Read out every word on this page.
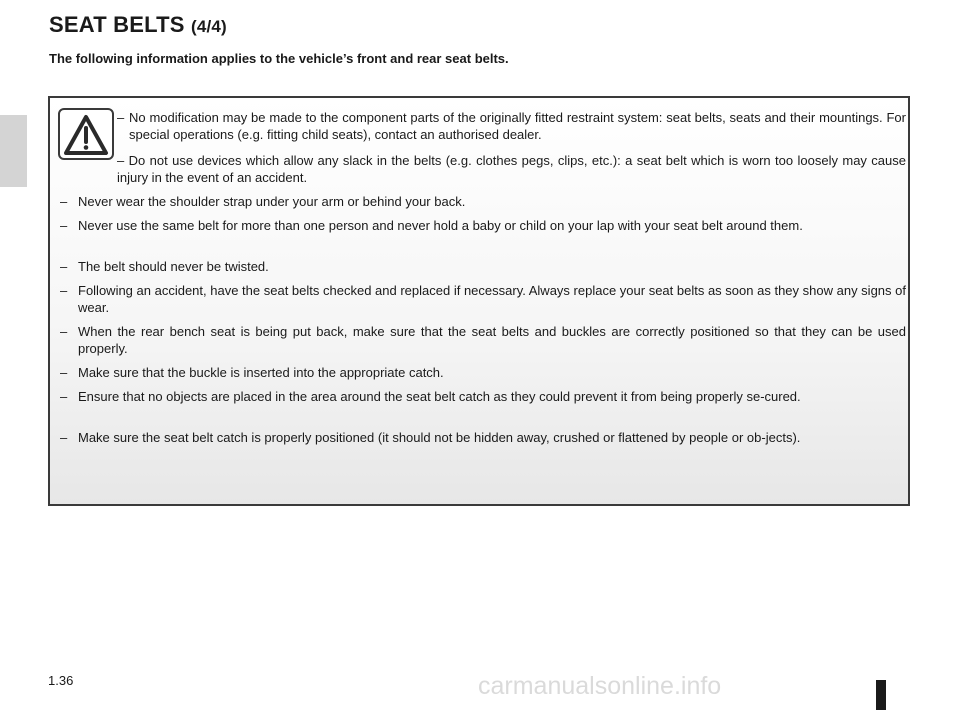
SEAT BELTS (4/4)

The following information applies to the vehicle’s front and rear seat belts.

– No modification may be made to the component parts of the originally fitted restraint system: seat belts, seats and their mountings. For special operations (e.g. fitting child seats), contact an authorised dealer.

– Do not use devices which allow any slack in the belts (e.g. clothes pegs, clips, etc.): a seat belt which is worn too loosely may cause injury in the event of an accident.

– Never wear the shoulder strap under your arm or behind your back.

– Never use the same belt for more than one person and never hold a baby or child on your lap with your seat belt around them.

– The belt should never be twisted.

– Following an accident, have the seat belts checked and replaced if necessary. Always replace your seat belts as soon as they show any signs of wear.

– When the rear bench seat is being put back, make sure that the seat belts and buckles are correctly positioned so that they can be used properly.

– Make sure that the buckle is inserted into the appropriate catch.

– Ensure that no objects are placed in the area around the seat belt catch as they could prevent it from being properly se-cured.

– Make sure the seat belt catch is properly positioned (it should not be hidden away, crushed or flattened by people or ob-jects).

1.36	carmanualsonline.info
